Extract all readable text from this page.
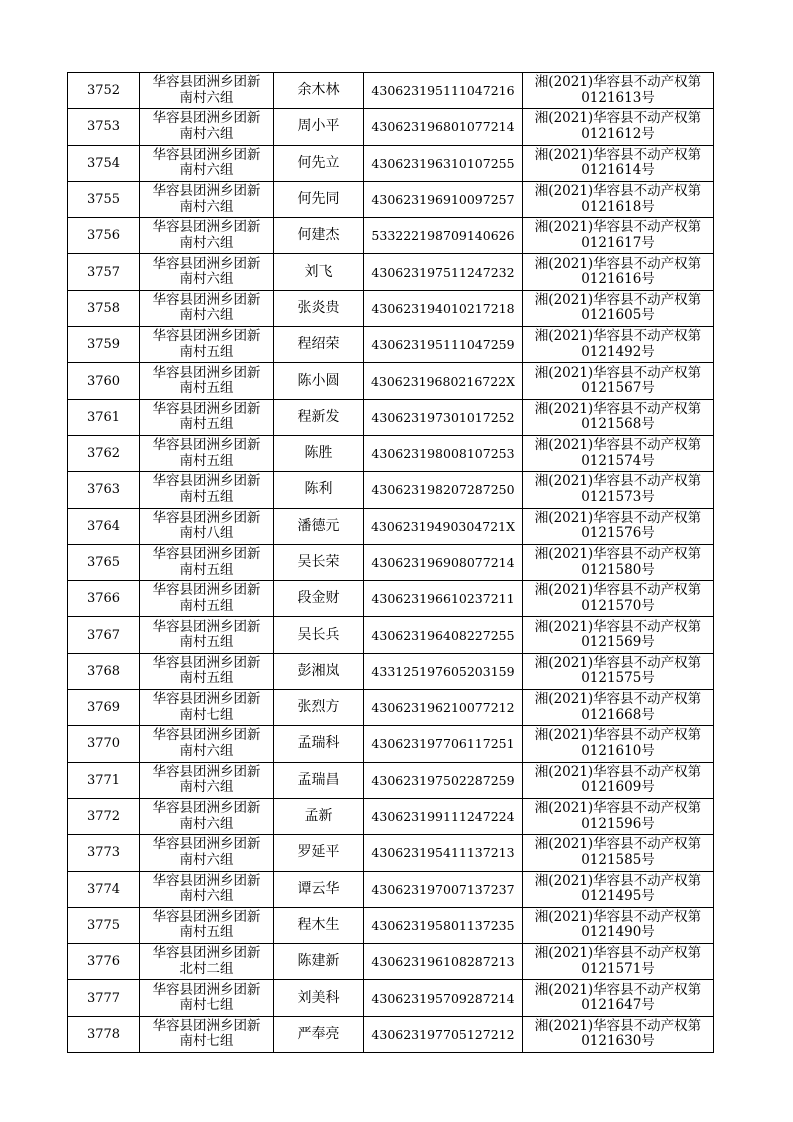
3752	华容县团洲乡团新
南村六组	余木林	430623195111047216	湘(2021)华容县不动产权第
0121613号

3753	华容县团洲乡团新
南村六组	周小平	430623196801077214	湘(2021)华容县不动产权第
0121612号

3754	华容县团洲乡团新
南村六组	何先立	430623196310107255	湘(2021)华容县不动产权第
0121614号

3755	华容县团洲乡团新
南村六组	何先同	430623196910097257	湘(2021)华容县不动产权第
0121618号

3756	华容县团洲乡团新
南村六组	何建杰	533222198709140626	湘(2021)华容县不动产权第
0121617号

3757	华容县团洲乡团新
南村六组	刘飞	430623197511247232	湘(2021)华容县不动产权第
0121616号

3758	华容县团洲乡团新
南村六组	张炎贵	430623194010217218	湘(2021)华容县不动产权第
0121605号

3759	华容县团洲乡团新
南村五组	程绍荣	430623195111047259	湘(2021)华容县不动产权第
0121492号

3760	华容县团洲乡团新
南村五组	陈小圆	43062319680216722X	湘(2021)华容县不动产权第
0121567号

3761	华容县团洲乡团新
南村五组	程新发	430623197301017252	湘(2021)华容县不动产权第
0121568号

3762	华容县团洲乡团新
南村五组	陈胜	430623198008107253	湘(2021)华容县不动产权第
0121574号

3763	华容县团洲乡团新
南村五组	陈利	430623198207287250	湘(2021)华容县不动产权第
0121573号

3764	华容县团洲乡团新
南村八组	潘德元	43062319490304721X	湘(2021)华容县不动产权第
0121576号

3765	华容县团洲乡团新
南村五组	吴长荣	430623196908077214	湘(2021)华容县不动产权第
0121580号

3766	华容县团洲乡团新
南村五组	段金财	430623196610237211	湘(2021)华容县不动产权第
0121570号

3767	华容县团洲乡团新
南村五组	吴长兵	430623196408227255	湘(2021)华容县不动产权第
0121569号

3768	华容县团洲乡团新
南村五组	彭湘岚	433125197605203159	湘(2021)华容县不动产权第
0121575号

3769	华容县团洲乡团新
南村七组	张烈方	430623196210077212	湘(2021)华容县不动产权第
0121668号

3770	华容县团洲乡团新
南村六组	孟瑞科	430623197706117251	湘(2021)华容县不动产权第
0121610号

3771	华容县团洲乡团新
南村六组	孟瑞昌	430623197502287259	湘(2021)华容县不动产权第
0121609号

3772	华容县团洲乡团新
南村六组	孟新	430623199111247224	湘(2021)华容县不动产权第
0121596号

3773	华容县团洲乡团新
南村六组	罗延平	430623195411137213	湘(2021)华容县不动产权第
0121585号

3774	华容县团洲乡团新
南村六组	谭云华	430623197007137237	湘(2021)华容县不动产权第
0121495号

3775	华容县团洲乡团新
南村五组	程木生	430623195801137235	湘(2021)华容县不动产权第
0121490号

3776	华容县团洲乡团新
北村二组	陈建新	430623196108287213	湘(2021)华容县不动产权第
0121571号

3777	华容县团洲乡团新
南村七组	刘美科	430623195709287214	湘(2021)华容县不动产权第
0121647号

3778	华容县团洲乡团新
南村七组	严奉亮	430623197705127212	湘(2021)华容县不动产权第
0121630号
